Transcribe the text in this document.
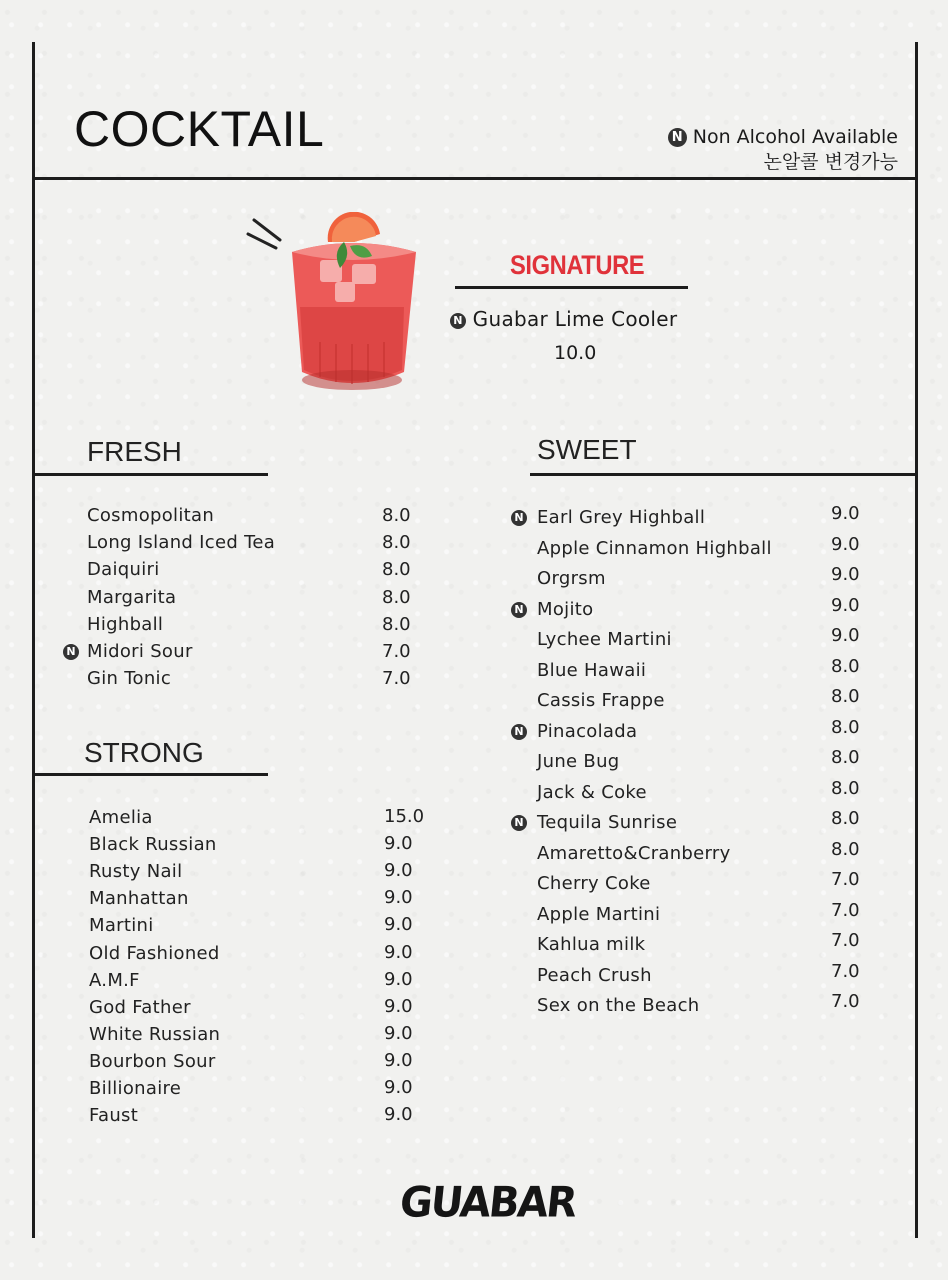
COCKTAIL	N Non Alcohol Available
논알콜 변경가능
SIGNATURE
N Guabar Lime Cooler
10.0
FRESH
STRONG
SWEET
Cosmopolitan	8.0
Long Island Iced Tea	8.0
Daiquiri	8.0
Margarita	8.0
Highball	8.0
N Midori Sour	7.0
Gin Tonic	7.0
Amelia	15.0
Black Russian	9.0
Rusty Nail	9.0
Manhattan	9.0
Martini	9.0
Old Fashioned	9.0
A.M.F	9.0
God Father	9.0
White Russian	9.0
Bourbon Sour	9.0
Billionaire	9.0
Faust	9.0
N Earl Grey Highball	9.0
Apple Cinnamon Highball	9.0
Orgrsm	9.0
N Mojito	9.0
Lychee Martini	9.0
Blue Hawaii	8.0
Cassis Frappe	8.0
N Pinacolada	8.0
June Bug	8.0
Jack & Coke	8.0
N Tequila Sunrise	8.0
Amaretto&Cranberry	8.0
Cherry Coke	7.0
Apple Martini	7.0
Kahlua milk	7.0
Peach Crush	7.0
Sex on the Beach	7.0
GUABAR
